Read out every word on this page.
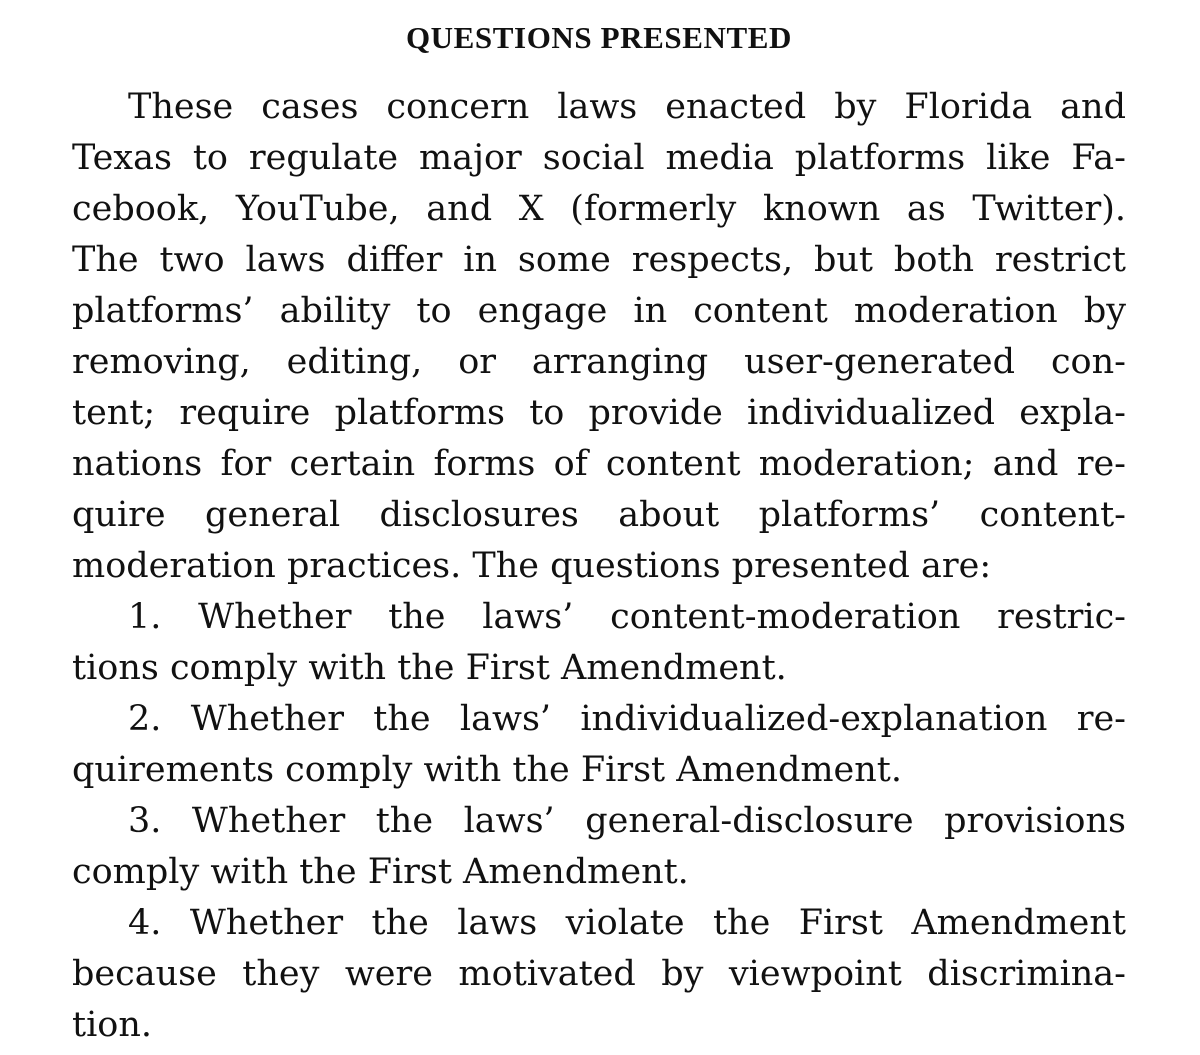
QUESTIONS PRESENTED
These cases concern laws enacted by Florida and
Texas to regulate major social media platforms like Fa-
cebook, YouTube, and X (formerly known as Twitter).
The two laws differ in some respects, but both restrict
platforms’ ability to engage in content moderation by
removing, editing, or arranging user-generated con-
tent; require platforms to provide individualized expla-
nations for certain forms of content moderation; and re-
quire general disclosures about platforms’ content-
moderation practices. The questions presented are:
1. Whether the laws’ content-moderation restric-
tions comply with the First Amendment.
2. Whether the laws’ individualized-explanation re-
quirements comply with the First Amendment.
3. Whether the laws’ general-disclosure provisions
comply with the First Amendment.
4. Whether the laws violate the First Amendment
because they were motivated by viewpoint discrimina-
tion.
